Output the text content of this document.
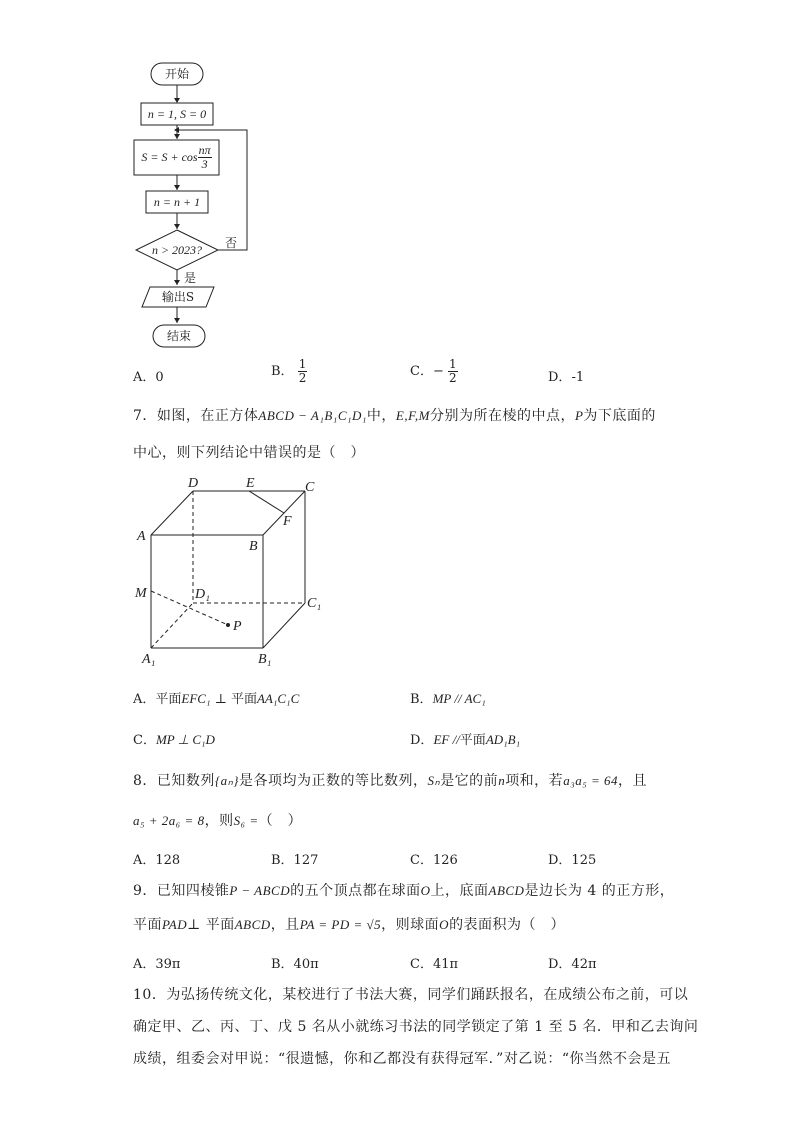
开始
n = 1, S = 0
$S = S + \cos \frac{n\pi}{3}$
n = n + 1
n > 2023?	否
是
输出S
结束
A．0	B． $\frac{1}{2}$	C．− $\frac{1}{2}$	D．-1
7．如图，在正方体ABCD − A₁B₁C₁D₁中，E,F,M分别为所在棱的中点，P为下底面的
中心，则下列结论中错误的是（　）
D	E	C
F
A
B
M	D₁
C₁
P
A₁	B₁
A．平面EFC₁ ⊥ 平面AA₁C₁C	B．MP // AC₁
C．MP ⊥ C₁D	D．EF //平面AD₁B₁
8．已知数列{aₙ}是各项均为正数的等比数列，Sₙ是它的前n项和，若a₃a₅ = 64，且
a₅ + 2a₆ = 8，则S₆ =（　）
A．128	B．127	C．126	D．125
9．已知四棱锥P − ABCD的五个顶点都在球面O上，底面ABCD是边长为 4 的正方形，
平面PAD⊥ 平面ABCD，且PA = PD = √5，则球面O的表面积为（　）
A．39π	B．40π	C．41π	D．42π
10．为弘扬传统文化，某校进行了书法大赛，同学们踊跃报名，在成绩公布之前，可以
确定甲、乙、丙、丁、戊 5 名从小就练习书法的同学锁定了第 1 至 5 名．甲和乙去询问
成绩，组委会对甲说：“很遗憾，你和乙都没有获得冠军．”对乙说：“你当然不会是五
